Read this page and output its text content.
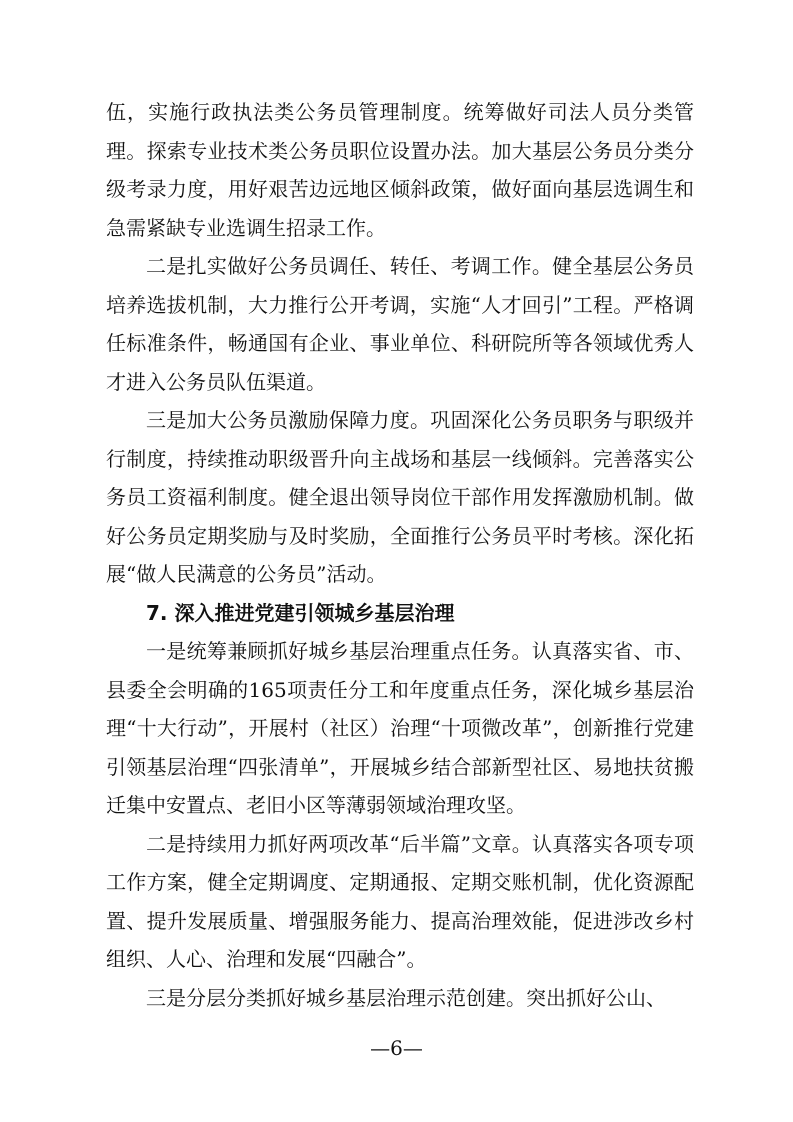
伍，实施行政执法类公务员管理制度。统筹做好司法人员分类管理。探索专业技术类公务员职位设置办法。加大基层公务员分类分级考录力度，用好艰苦边远地区倾斜政策，做好面向基层选调生和急需紧缺专业选调生招录工作。

二是扎实做好公务员调任、转任、考调工作。健全基层公务员培养选拔机制，大力推行公开考调，实施“人才回引”工程。严格调任标准条件，畅通国有企业、事业单位、科研院所等各领域优秀人才进入公务员队伍渠道。

三是加大公务员激励保障力度。巩固深化公务员职务与职级并行制度，持续推动职级晋升向主战场和基层一线倾斜。完善落实公务员工资福利制度。健全退出领导岗位干部作用发挥激励机制。做好公务员定期奖励与及时奖励，全面推行公务员平时考核。深化拓展“做人民满意的公务员”活动。

7. 深入推进党建引领城乡基层治理

一是统筹兼顾抓好城乡基层治理重点任务。认真落实省、市、县委全会明确的165项责任分工和年度重点任务，深化城乡基层治理“十大行动”，开展村（社区）治理“十项微改革”，创新推行党建引领基层治理“四张清单”，开展城乡结合部新型社区、易地扶贫搬迁集中安置点、老旧小区等薄弱领域治理攻坚。

二是持续用力抓好两项改革“后半篇”文章。认真落实各项专项工作方案，健全定期调度、定期通报、定期交账机制，优化资源配置、提升发展质量、增强服务能力、提高治理效能，促进涉改乡村组织、人心、治理和发展“四融合”。

三是分层分类抓好城乡基层治理示范创建。突出抓好公山、

—6—
